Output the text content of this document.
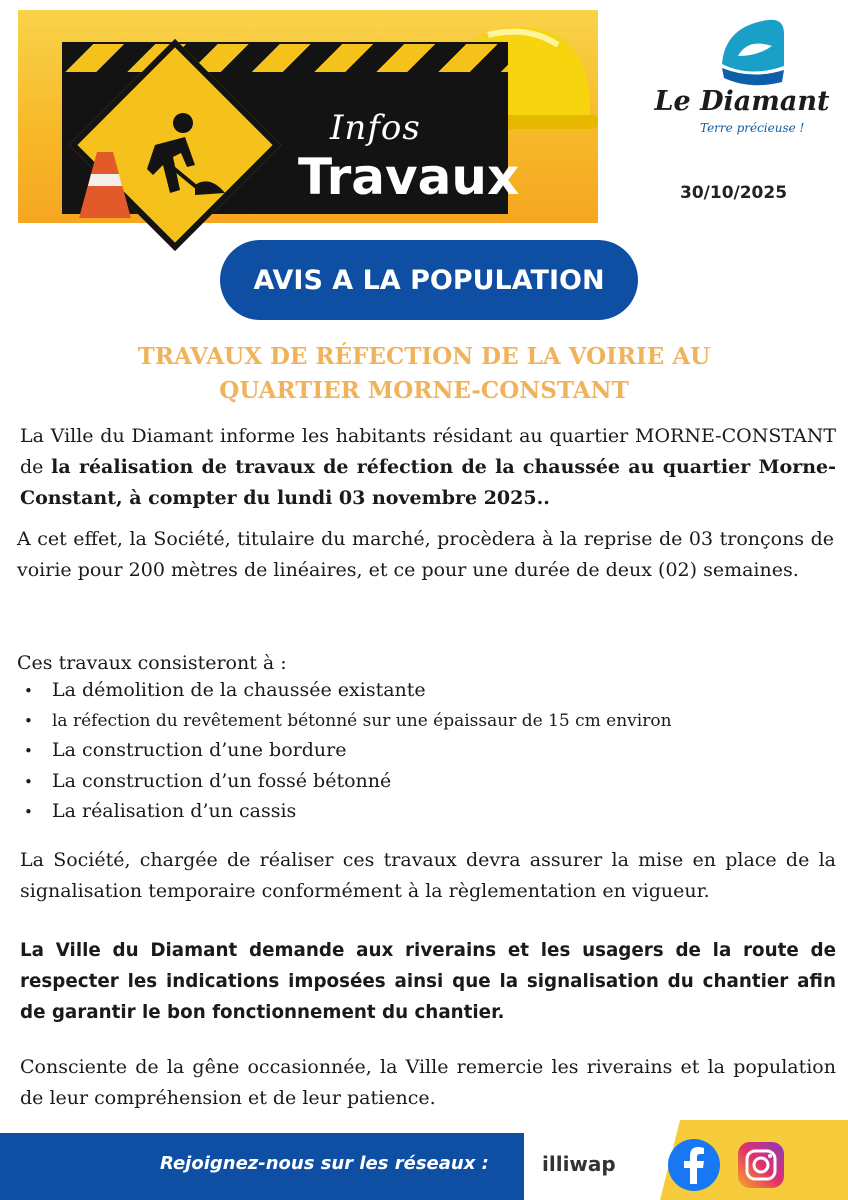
Infos
Travaux
Le Diamant
Terre précieuse !
30/10/2025
AVIS A LA POPULATION
TRAVAUX DE RÉFECTION DE LA VOIRIE AU
QUARTIER MORNE-CONSTANT

La Ville du Diamant informe les habitants résidant au quartier MORNE-CONSTANT de la réalisation de travaux de réfection de la chaussée au quartier Morne-Constant, à compter du lundi 03 novembre 2025..

A cet effet, la Société, titulaire du marché, procèdera à la reprise de 03 tronçons de voirie pour 200 mètres de linéaires, et ce pour une durée de deux (02) semaines.

Ces travaux consisteront à :

• La démolition de la chaussée existante
• la réfection du revêtement bétonné sur une épaissaur de 15 cm environ
• La construction d’une bordure
• La construction d’un fossé bétonné
• La réalisation d’un cassis

La Société, chargée de réaliser ces travaux devra assurer la mise en place de la signalisation temporaire conformément à la règlementation en vigueur.

La Ville du Diamant demande aux riverains et les usagers de la route de respecter les indications imposées ainsi que la signalisation du chantier afin de garantir le bon fonctionnement du chantier.

Consciente de la gêne occasionnée, la Ville remercie les riverains et la population de leur compréhension et de leur patience.

Rejoignez-nous sur les réseaux :	illiwap
